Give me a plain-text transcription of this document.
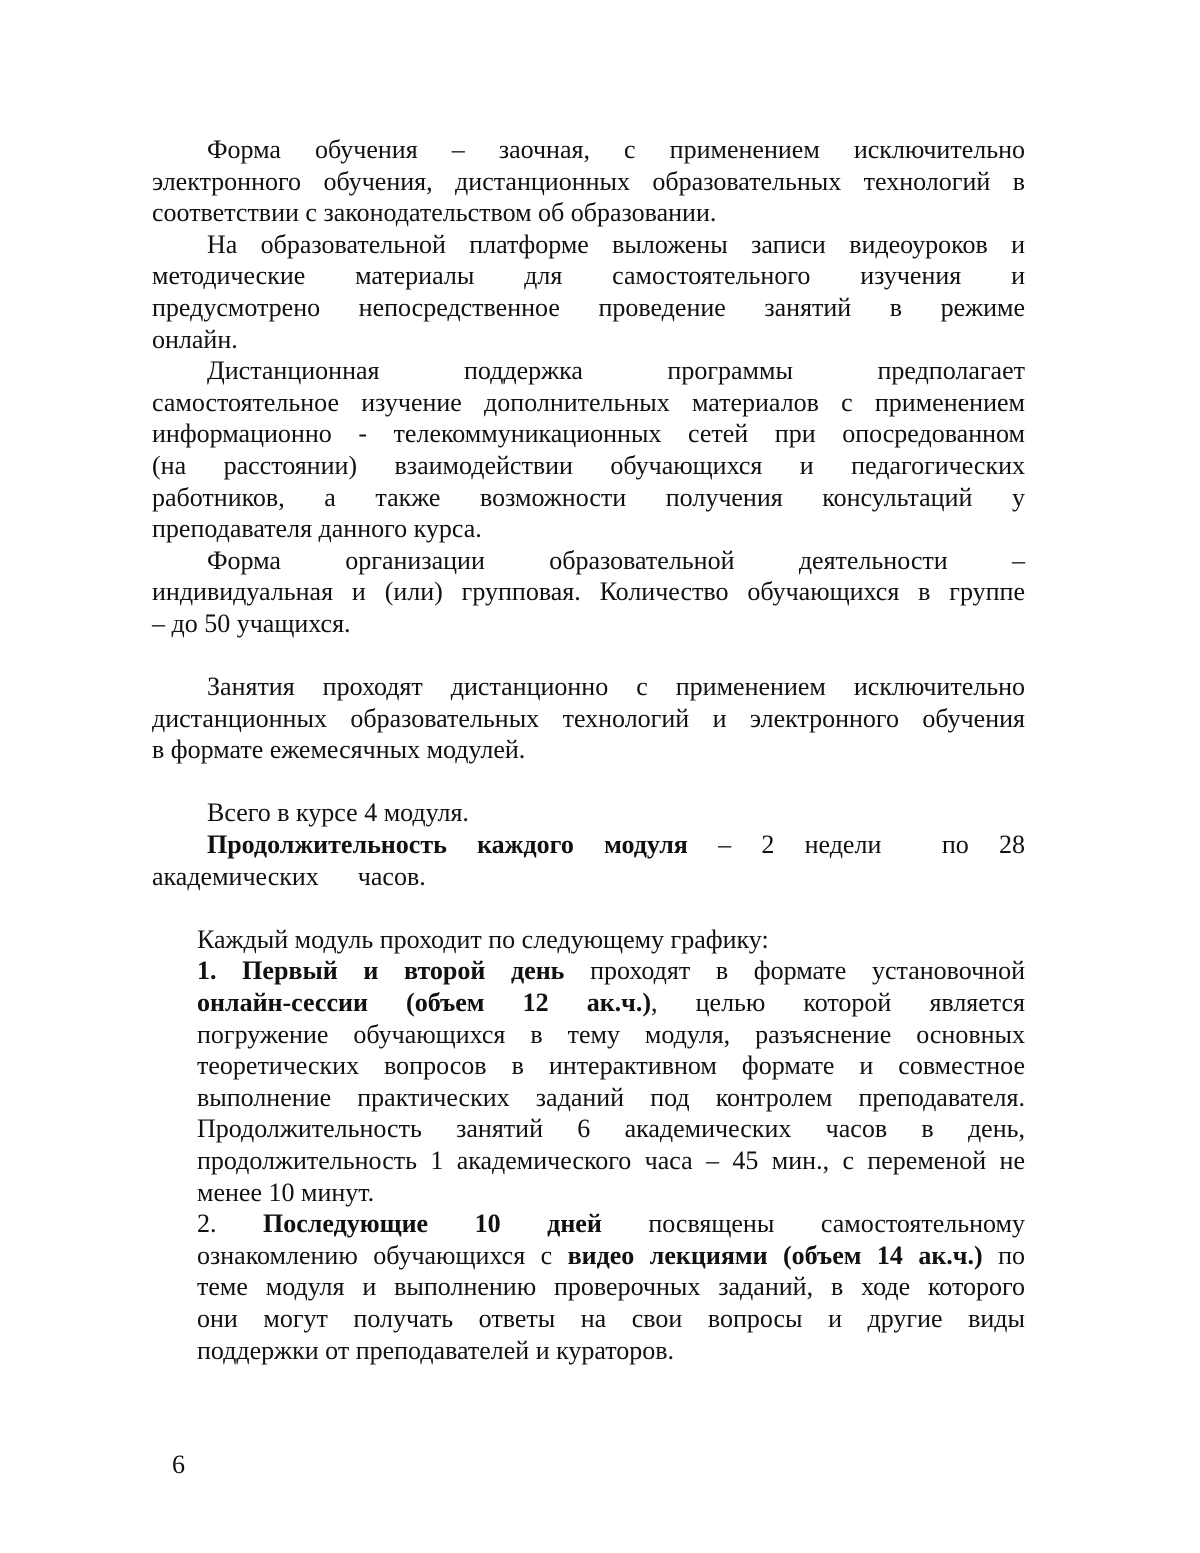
Форма обучения – заочная, с применением исключительно
электронного обучения, дистанционных образовательных технологий в
соответствии с законодательством об образовании.
На образовательной платформе выложены записи видеоуроков и
методические материалы для самостоятельного изучения и
предусмотрено непосредственное проведение занятий в режиме
онлайн.
Дистанционная поддержка программы предполагает
самостоятельное изучение дополнительных материалов с применением
информационно - телекоммуникационных сетей при опосредованном
(на расстоянии) взаимодействии обучающихся и педагогических
работников, а также возможности получения консультаций у
преподавателя данного курса.
Форма организации образовательной деятельности –
индивидуальная и (или) групповая. Количество обучающихся в группе
– до 50 учащихся.
Занятия проходят дистанционно с применением исключительно
дистанционных образовательных технологий и электронного обучения
в формате ежемесячных модулей.
Всего в курсе 4 модуля.
Продолжительность каждого модуля – 2 недели  по 28
академических      часов.
Каждый модуль проходит по следующему графику:
1. Первый и второй день проходят в формате установочной
онлайн-сессии (объем 12 ак.ч.), целью которой является
погружение обучающихся в тему модуля, разъяснение основных
теоретических вопросов в интерактивном формате и совместное
выполнение практических заданий под контролем преподавателя.
Продолжительность занятий 6 академических часов в день,
продолжительность 1 академического часа – 45 мин., с переменой не
менее 10 минут.
2. Последующие 10 дней посвящены самостоятельному
ознакомлению обучающихся с видео лекциями (объем 14 ак.ч.) по
теме модуля и выполнению проверочных заданий, в ходе которого
они могут получать ответы на свои вопросы и другие виды
поддержки от преподавателей и кураторов.
6
